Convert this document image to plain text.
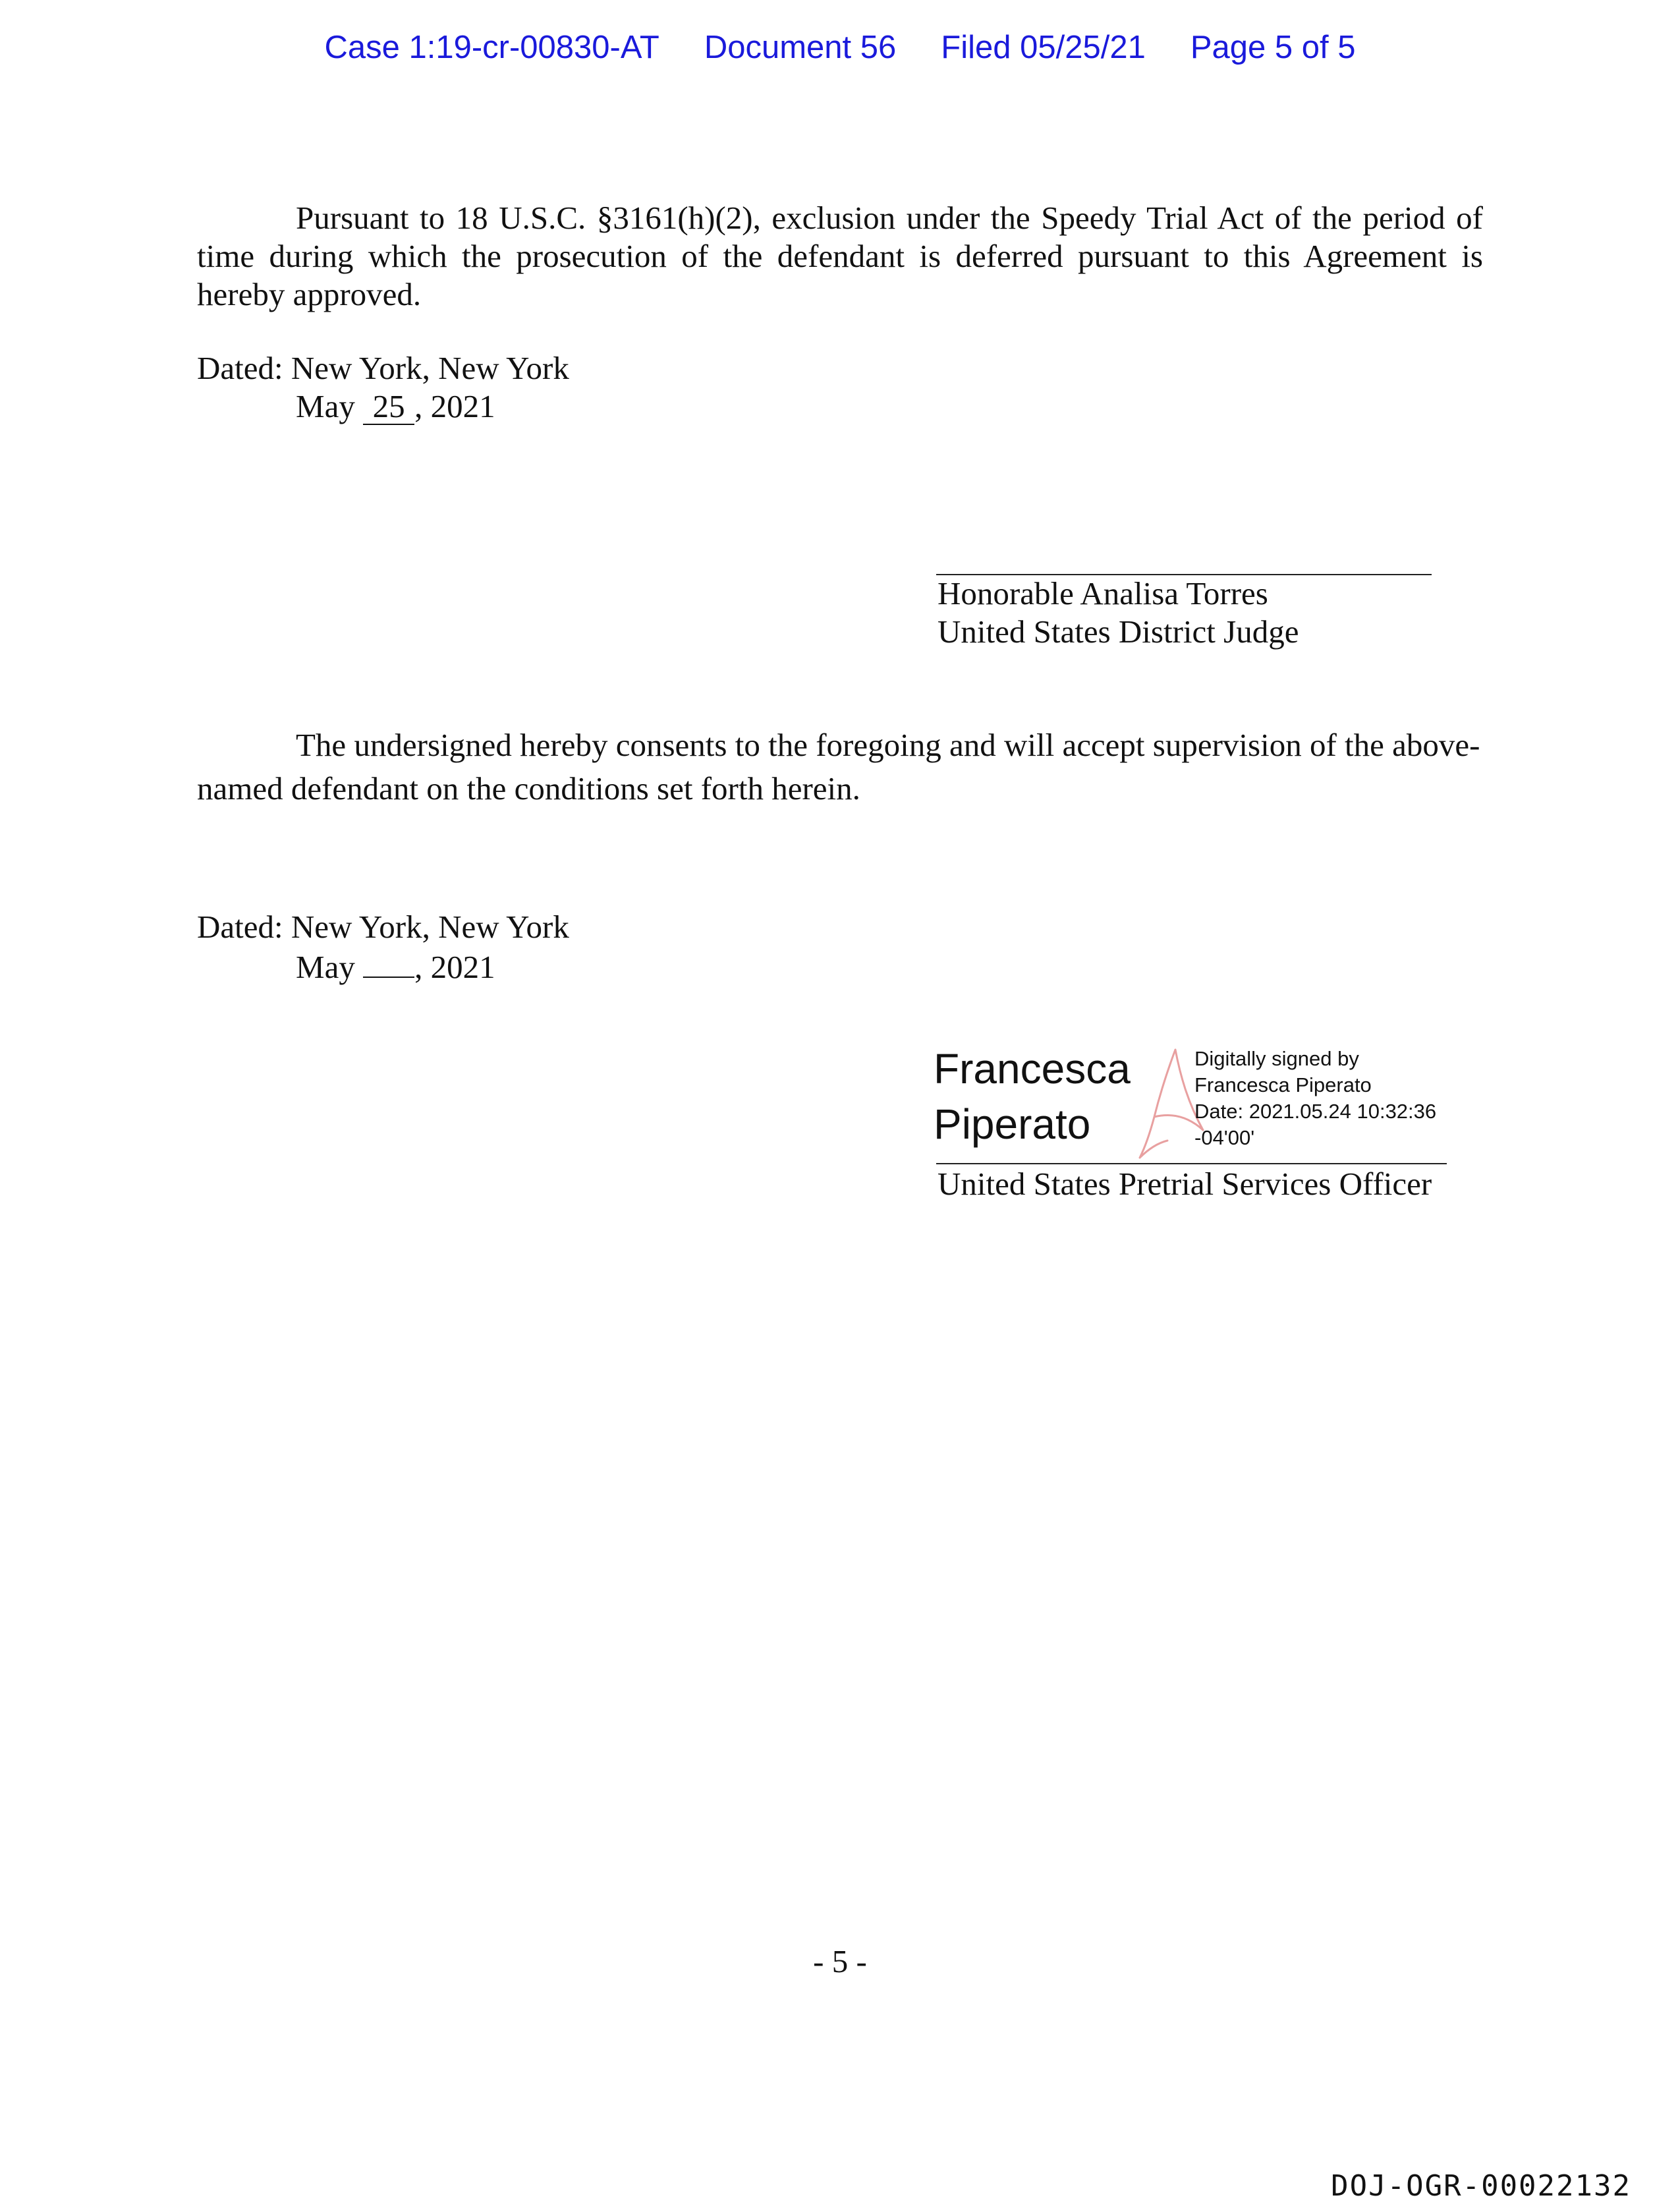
Case 1:19-cr-00830-AT Document 56 Filed 05/25/21 Page 5 of 5
Pursuant to 18 U.S.C. §3161(h)(2), exclusion under the Speedy Trial Act of the period of time during which the prosecution of the defendant is deferred pursuant to this Agreement is hereby approved.
Dated: New York, New York
May 25 , 2021
Honorable Analisa Torres
United States District Judge
The undersigned hereby consents to the foregoing and will accept supervision of the above-named defendant on the conditions set forth herein.
Dated: New York, New York
May , 2021
Francesca
Piperato
Digitally signed by
Francesca Piperato
Date: 2021.05.24 10:32:36
-04'00'
United States Pretrial Services Officer
- 5 -
DOJ-OGR-00022132
